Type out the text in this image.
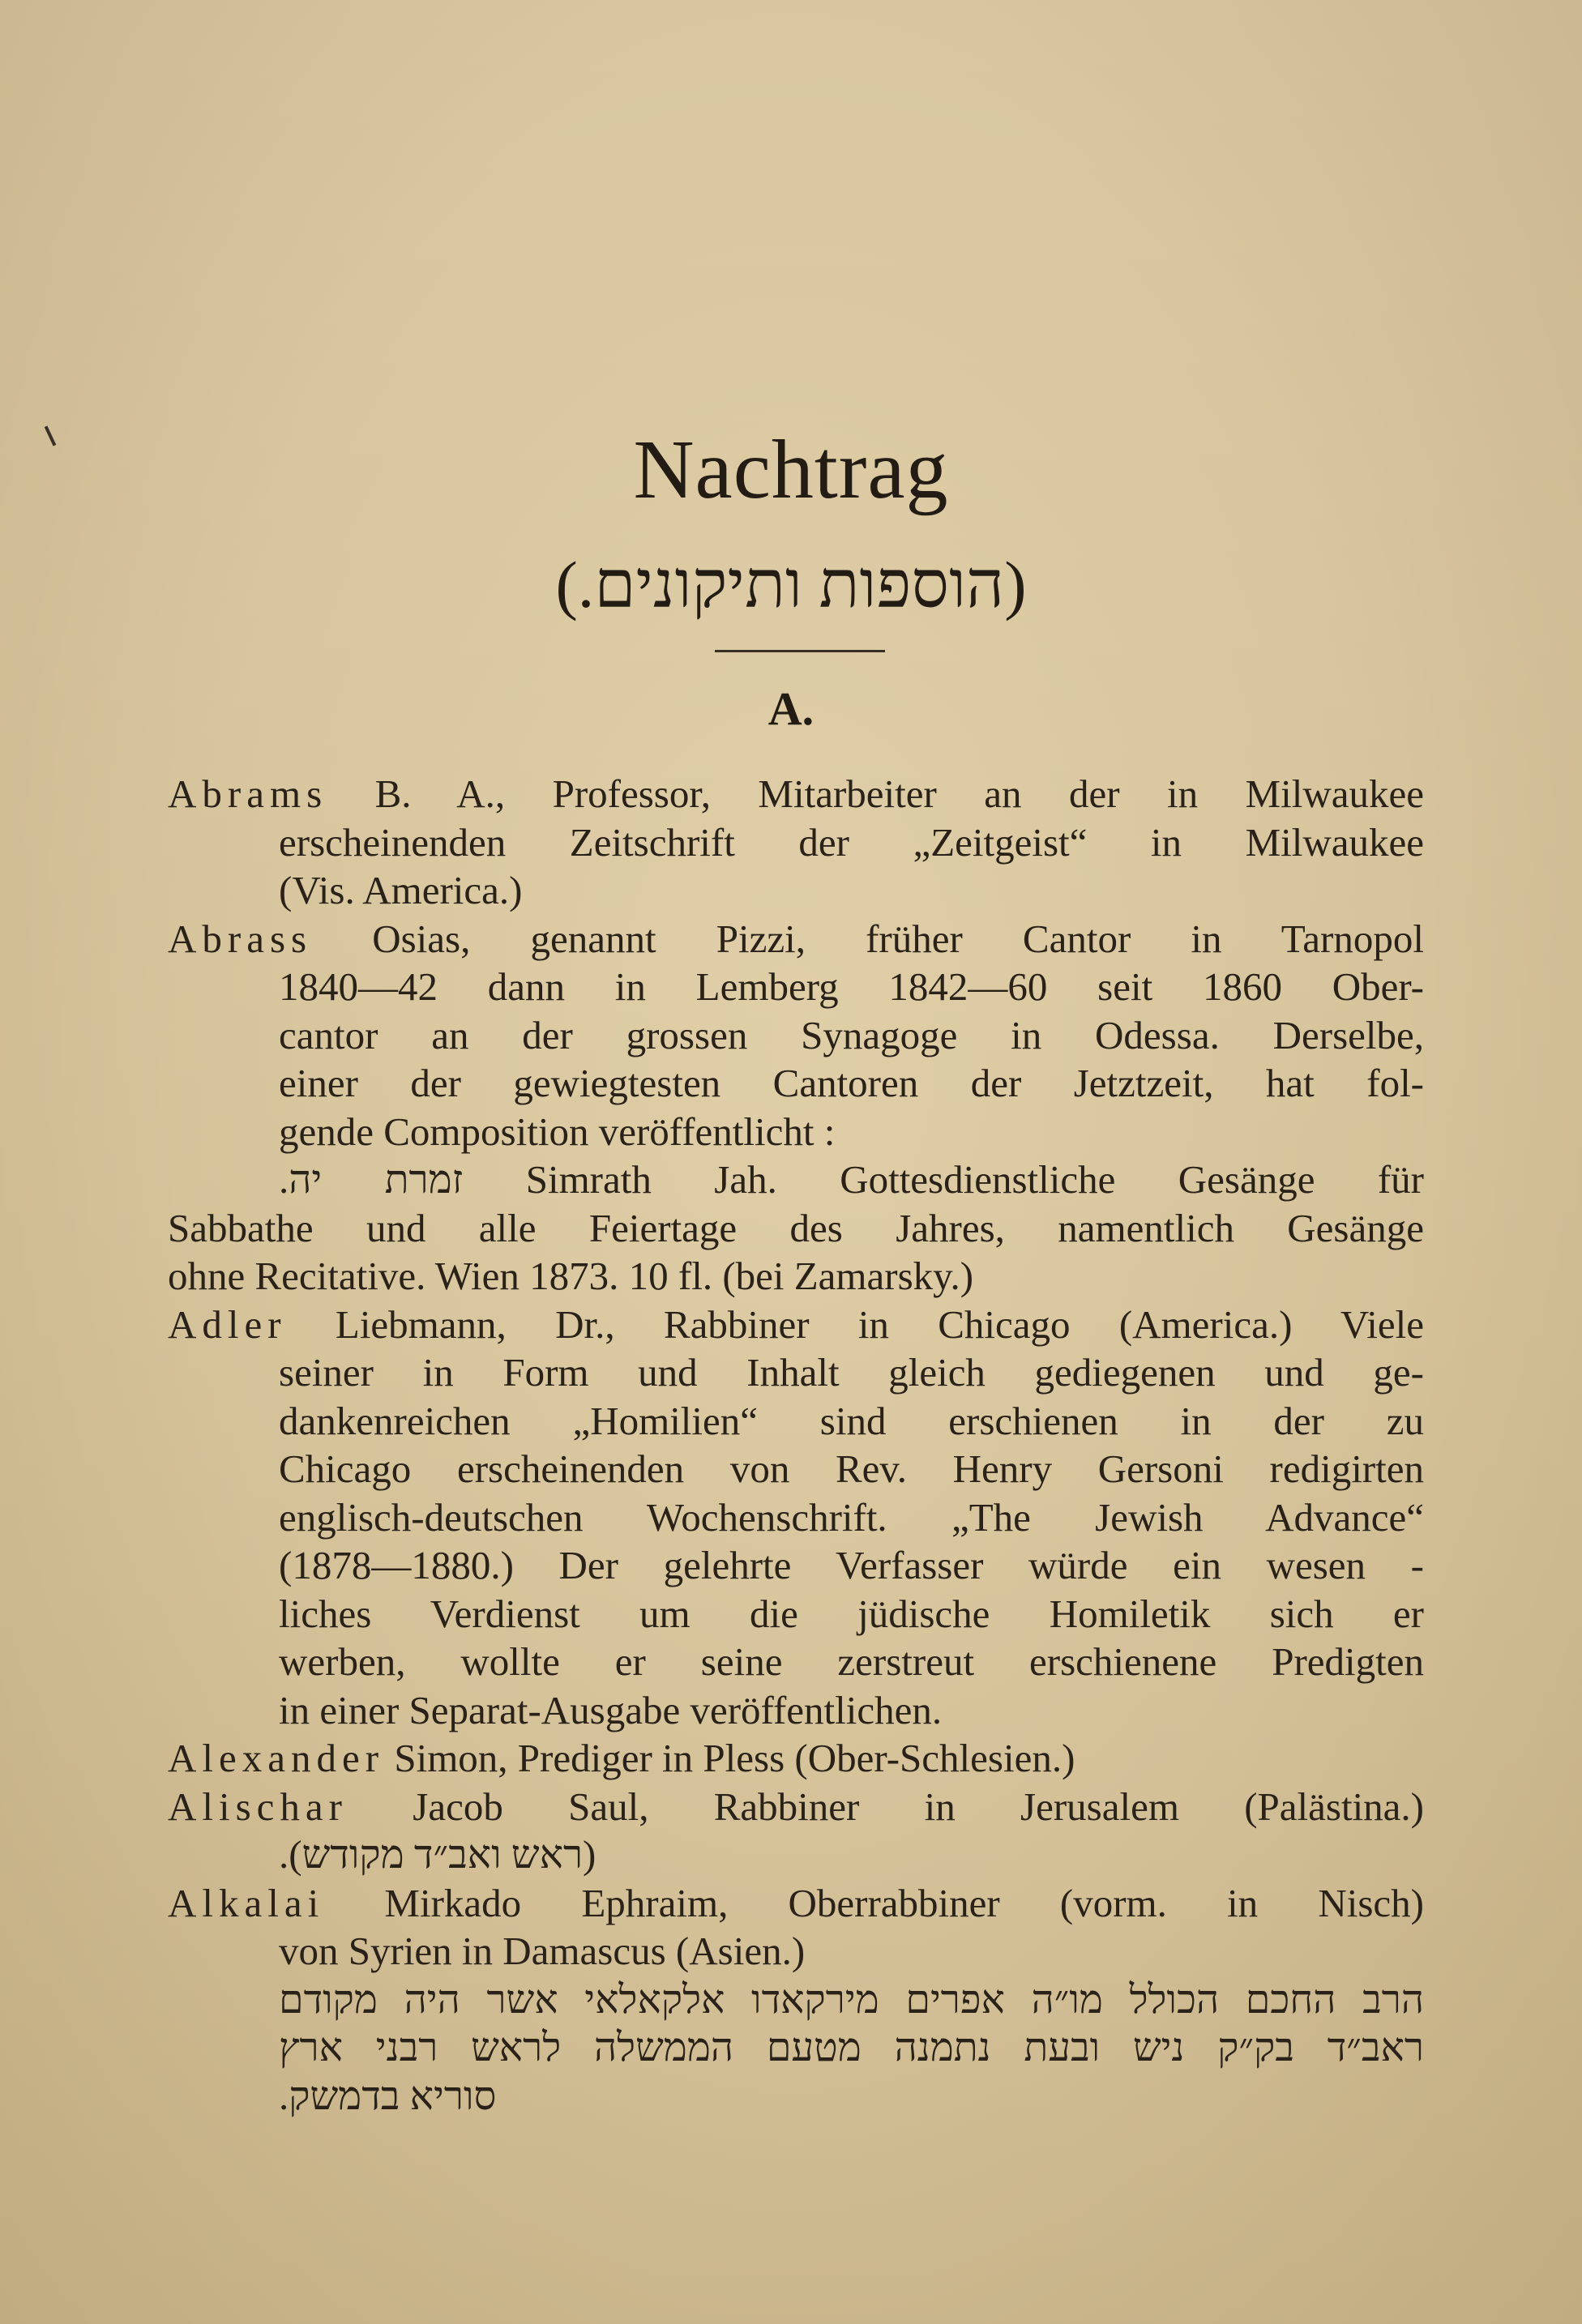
Nachtrag
(הוספות ותיקונים.)
A.
Abrams B. A., Professor, Mitarbeiter an der in Milwaukee
erscheinenden Zeitschrift der „Zeitgeist“ in Milwaukee
(Vis. America.)
Abrass Osias, genannt Pizzi, früher Cantor in Tarnopol
1840—42 dann in Lemberg 1842—60 seit 1860 Ober-
cantor an der grossen Synagoge in Odessa. Derselbe,
einer der gewiegtesten Cantoren der Jetztzeit, hat fol-
gende Composition veröffentlicht :
זמרת יה. Simrath Jah. Gottesdienstliche Gesänge für
Sabbathe und alle Feiertage des Jahres, namentlich Gesänge
ohne Recitative. Wien 1873. 10 fl. (bei Zamarsky.)
Adler Liebmann, Dr., Rabbiner in Chicago (America.) Viele
seiner in Form und Inhalt gleich gediegenen und ge-
dankenreichen „Homilien“ sind erschienen in der zu
Chicago erscheinenden von Rev. Henry Gersoni redigirten
englisch-deutschen Wochenschrift. „The Jewish Advance“
(1878—1880.) Der gelehrte Verfasser würde ein wesen -
liches Verdienst um die jüdische Homiletik sich er
werben, wollte er seine zerstreut erschienene Predigten
in einer Separat-Ausgabe veröffentlichen.
Alexander Simon, Prediger in Pless (Ober-Schlesien.)
Alischar Jacob Saul, Rabbiner in Jerusalem (Palästina.)
(ראש ואב״ד מקודש).
Alkalai Mirkado Ephraim, Oberrabbiner (vorm. in Nisch)
von Syrien in Damascus (Asien.)
הרב החכם הכולל מו״ה אפרים מירקאדו אלקאלאי אשר היה מקודם
ראב״ד בק״ק ניש ובעת נתמנה מטעם הממשלה לראש רבני ארץ
סוריא בדמשק.
